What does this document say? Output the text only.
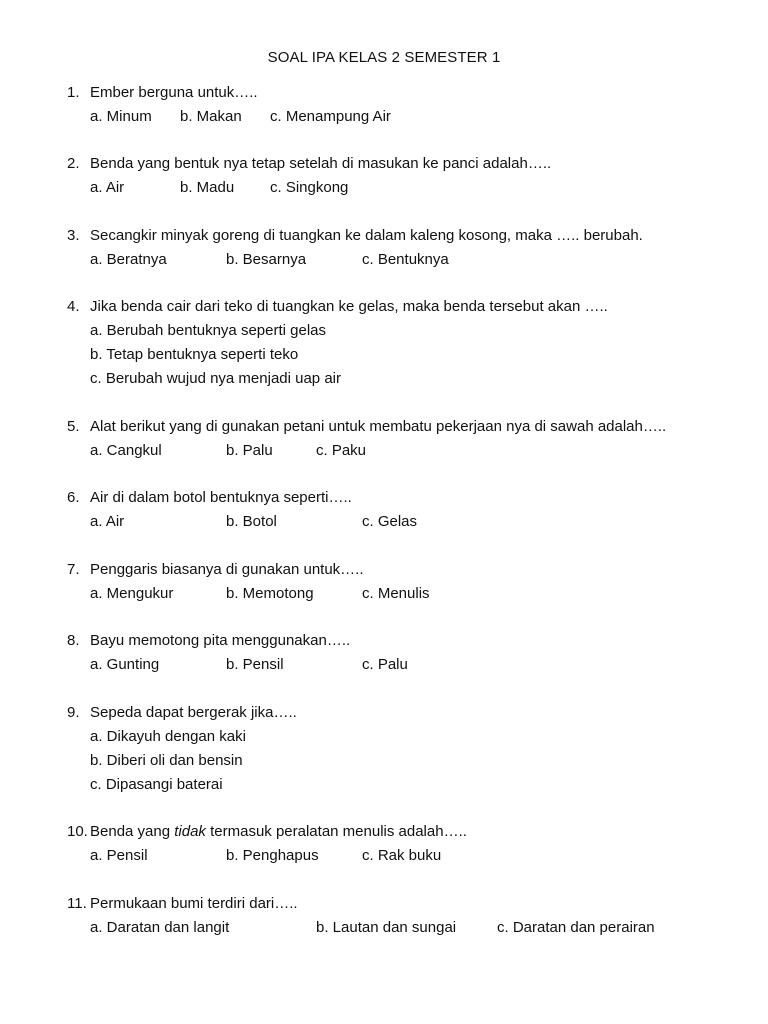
SOAL IPA KELAS 2 SEMESTER 1
1. Ember berguna untuk…..
a. Minum b. Makan c. Menampung Air
2. Benda yang bentuk nya tetap setelah di masukan ke panci adalah…..
a. Air	b. Madu c. Singkong
3. Secangkir minyak goreng di tuangkan ke dalam kaleng kosong, maka ….. berubah.
a. Beratnya	b. Besarnya	c. Bentuknya
4. Jika benda cair dari teko di tuangkan ke gelas, maka benda tersebut akan …..
a. Berubah bentuknya seperti gelas
b. Tetap bentuknya seperti teko
c. Berubah wujud nya menjadi uap air
5. Alat berikut yang di gunakan petani untuk membatu pekerjaan nya di sawah adalah…..
a. Cangkul	b. Palu	c. Paku
6. Air di dalam botol bentuknya seperti…..
a. Air	b. Botol	c. Gelas
7. Penggaris biasanya di gunakan untuk…..
a. Mengukur	b. Memotong	c. Menulis
8. Bayu memotong pita menggunakan…..
a. Gunting	b. Pensil	c. Palu
9. Sepeda dapat bergerak jika…..
a. Dikayuh dengan kaki
b. Diberi oli dan bensin
c. Dipasangi baterai
10. Benda yang tidak termasuk peralatan menulis adalah…..
a. Pensil	b. Penghapus	c. Rak buku
11. Permukaan bumi terdiri dari…..
a. Daratan dan langit	b. Lautan dan sungai	c. Daratan dan perairan
